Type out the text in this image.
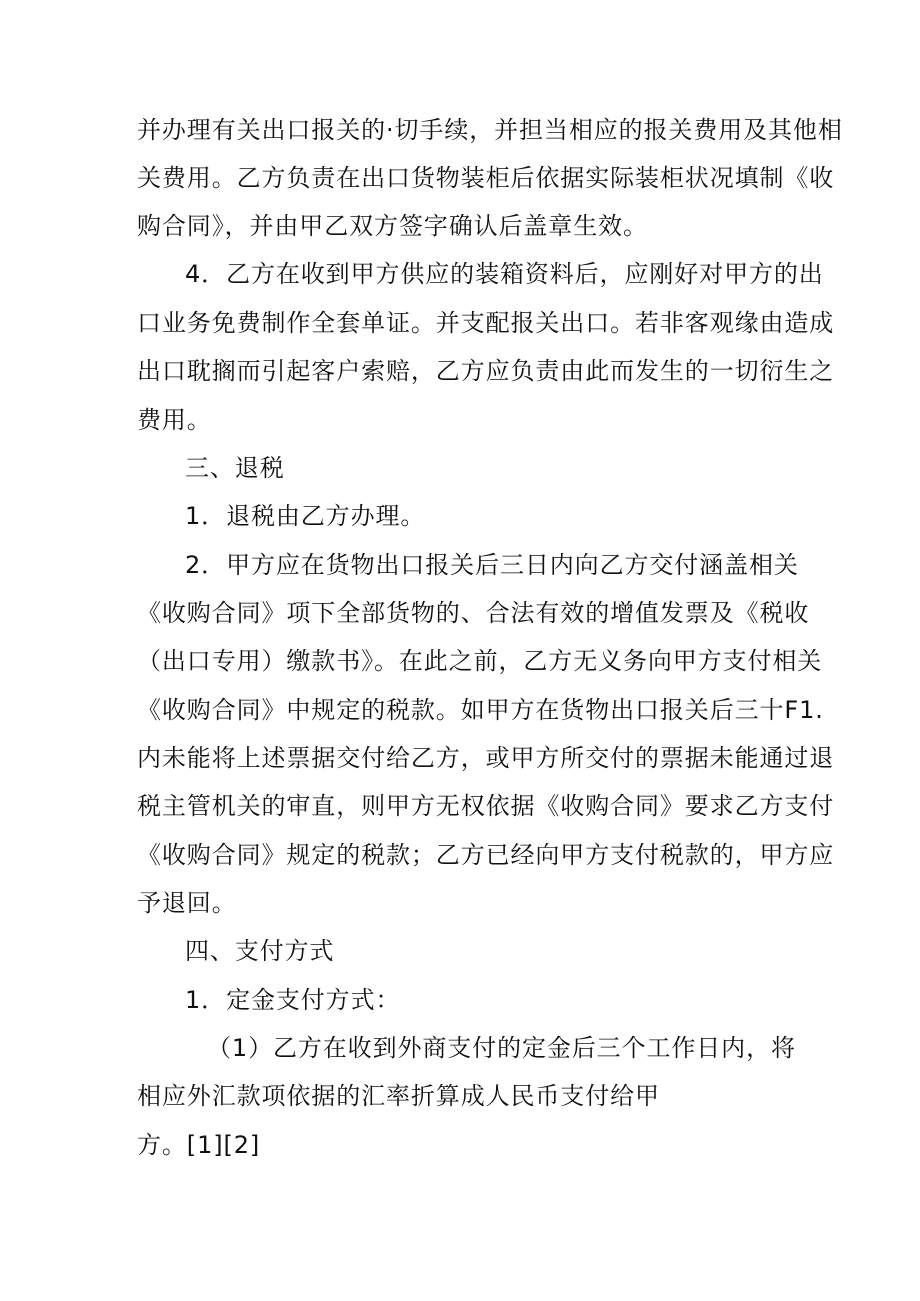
并办理有关出口报关的·切手续，并担当相应的报关费用及其他相
关费用。乙方负责在出口货物装柜后依据实际装柜状况填制《收
购合同》，并由甲乙双方签字确认后盖章生效。
4．乙方在收到甲方供应的装箱资料后，应刚好对甲方的出
口业务免费制作全套单证。并支配报关出口。若非客观缘由造成
出口耽搁而引起客户索赔，乙方应负责由此而发生的一切衍生之
费用。
三、退税
1．退税由乙方办理。
2．甲方应在货物出口报关后三日内向乙方交付涵盖相关
《收购合同》项下全部货物的、合法有效的增值发票及《税收
（出口专用）缴款书》。在此之前，乙方无义务向甲方支付相关
《收购合同》中规定的税款。如甲方在货物出口报关后三十F1.
内未能将上述票据交付给乙方，或甲方所交付的票据未能通过退
税主管机关的审直，则甲方无权依据《收购合同》要求乙方支付
《收购合同》规定的税款；乙方已经向甲方支付税款的，甲方应
予退回。
四、支付方式
1．定金支付方式：
（1）乙方在收到外商支付的定金后三个工作日内，将
相应外汇款项依据的汇率折算成人民币支付给甲
方。[1][2]
